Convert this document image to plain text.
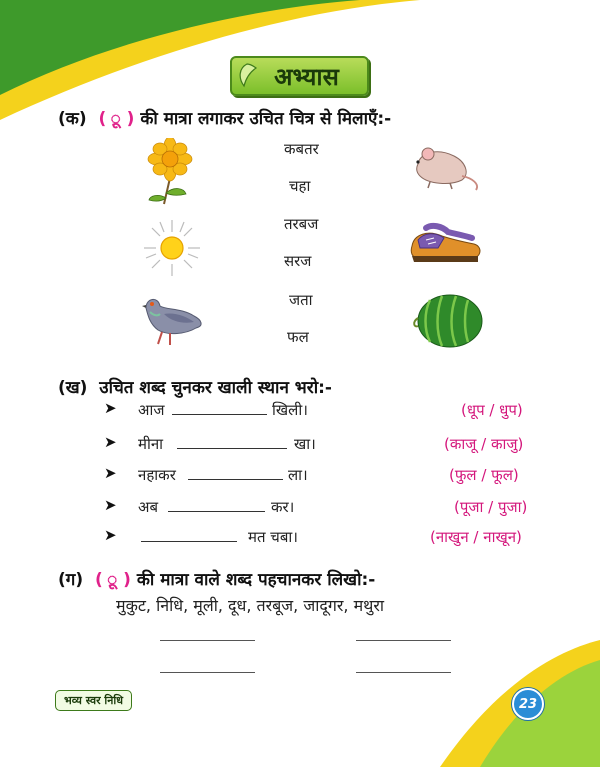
अभ्यास
(क) ( ़ू ) की मात्रा लगाकर उचित चित्र से मिलाएँ:-
कबतर
चहा
तरबज
सरज
जता
फल
(ख) उचित शब्द चुनकर खाली स्थान भरो:-
➤ आज	खिली।	(धूप / धुप)
➤ मीना	खा।	(काजू / काजु)
➤ नहाकर	ला।	(फुल / फूल)
➤ अब	कर।	(पूजा / पुजा)
➤	मत चबा।	(नाखुन / नाखून)
(ग) ( ़ू ) की मात्रा वाले शब्द पहचानकर लिखो:-
मुकुट, निधि, मूली, दूध, तरबूज, जादूगर, मथुरा
भव्य स्वर निधि	23
